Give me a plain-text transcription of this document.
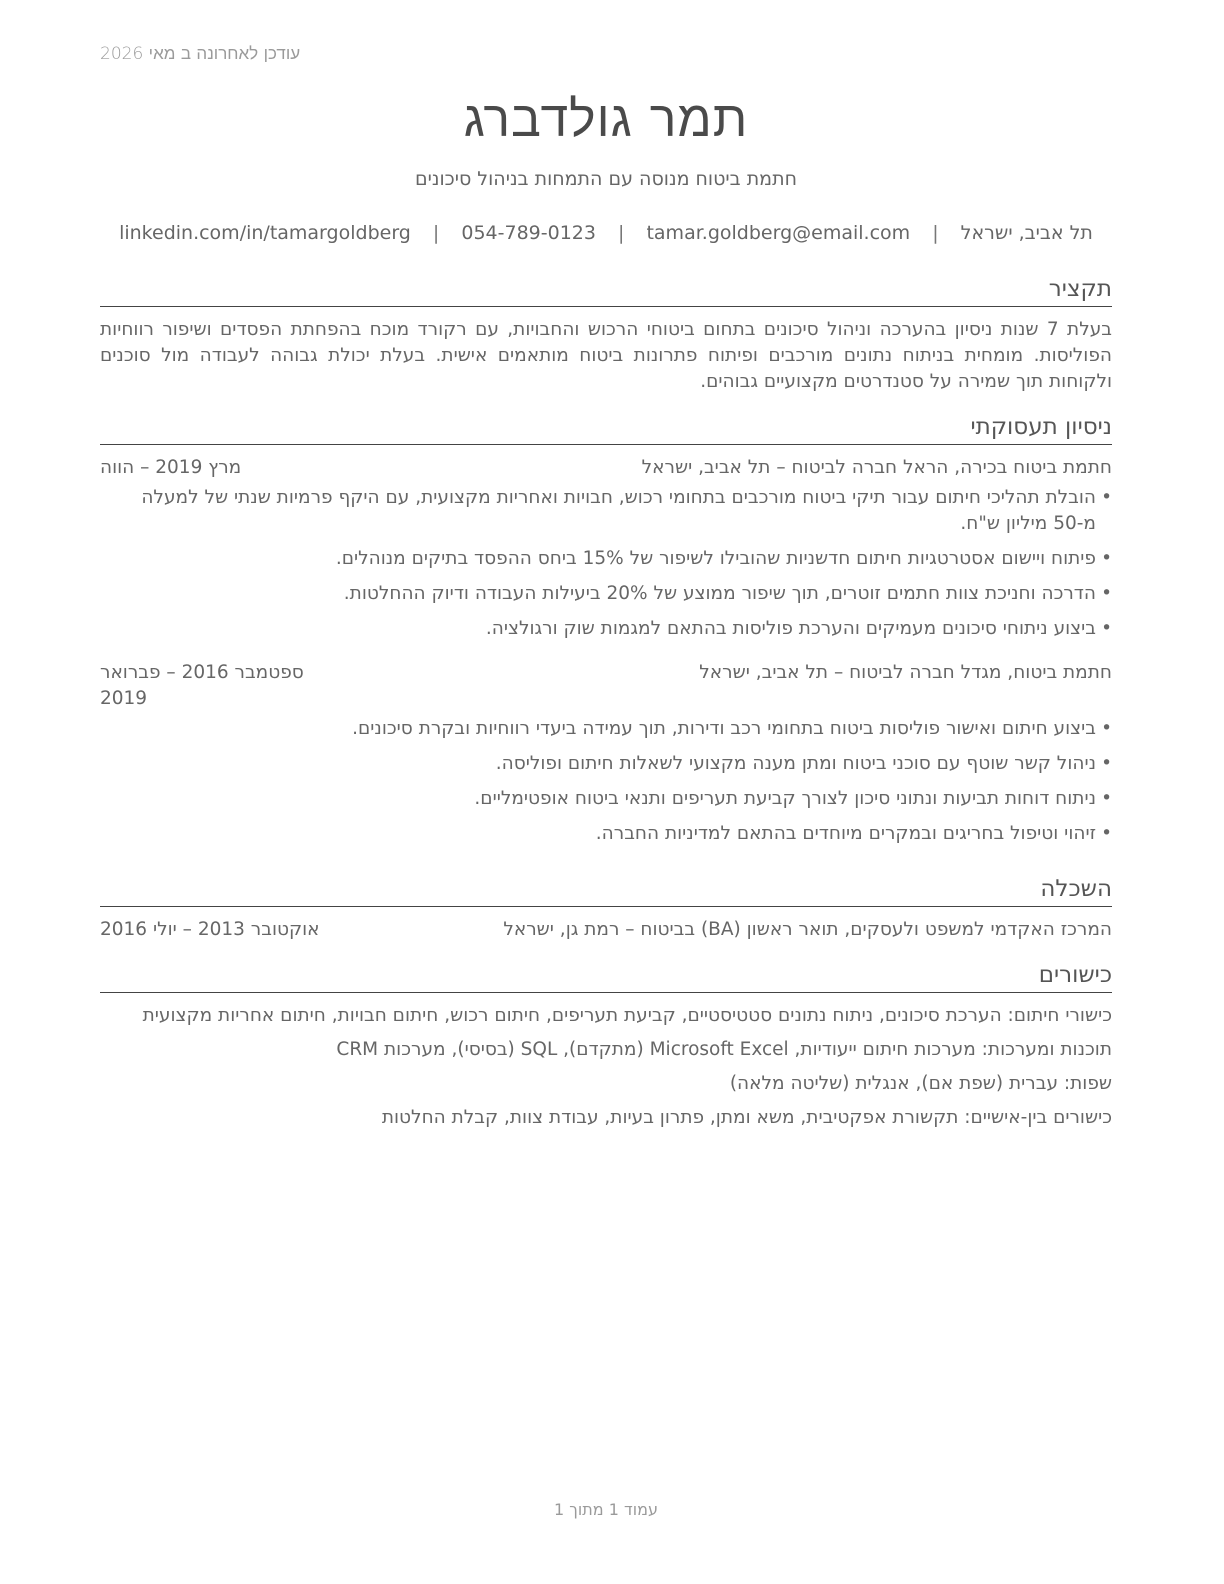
עודכן לאחרונה ב מאי 2026
תמר גולדברג
חתמת ביטוח מנוסה עם התמחות בניהול סיכונים
תל אביב, ישראל | tamar.goldberg@email.com | 054-789-0123 | linkedin.com/in/tamargoldberg
תקציר

בעלת 7 שנות ניסיון בהערכה וניהול סיכונים בתחום ביטוחי הרכוש והחבויות, עם רקורד מוכח בהפחתת הפסדים ושיפור רווחיות הפוליסות. מומחית בניתוח נתונים מורכבים ופיתוח פתרונות ביטוח מותאמים אישית. בעלת יכולת גבוהה לעבודה מול סוכנים ולקוחות תוך שמירה על סטנדרטים מקצועיים גבוהים.

ניסיון תעסוקתי
חתמת ביטוח בכירה, הראל חברה לביטוח – תל אביב, ישראל
מרץ 2019 – הווה
•
הובלת תהליכי חיתום עבור תיקי ביטוח מורכבים בתחומי רכוש, חבויות ואחריות מקצועית, עם היקף פרמיות שנתי של למעלה מ-50 מיליון ש"ח.
•
פיתוח ויישום אסטרטגיות חיתום חדשניות שהובילו לשיפור של 15% ביחס ההפסד בתיקים מנוהלים.
•
הדרכה וחניכת צוות חתמים זוטרים, תוך שיפור ממוצע של 20% ביעילות העבודה ודיוק ההחלטות.
•
ביצוע ניתוחי סיכונים מעמיקים והערכת פוליסות בהתאם למגמות שוק ורגולציה.
חתמת ביטוח, מגדל חברה לביטוח – תל אביב, ישראל
ספטמבר 2016 – פברואר 2019
•
ביצוע חיתום ואישור פוליסות ביטוח בתחומי רכב ודירות, תוך עמידה ביעדי רווחיות ובקרת סיכונים.
•
ניהול קשר שוטף עם סוכני ביטוח ומתן מענה מקצועי לשאלות חיתום ופוליסה.
•
ניתוח דוחות תביעות ונתוני סיכון לצורך קביעת תעריפים ותנאי ביטוח אופטימליים.
•
זיהוי וטיפול בחריגים ובמקרים מיוחדים בהתאם למדיניות החברה.
השכלה
המרכז האקדמי למשפט ולעסקים, תואר ראשון (BA) בביטוח – רמת גן, ישראל
אוקטובר 2013 – יולי 2016
כישורים
כישורי חיתום: הערכת סיכונים, ניתוח נתונים סטטיסטיים, קביעת תעריפים, חיתום רכוש, חיתום חבויות, חיתום אחריות מקצועית
תוכנות ומערכות: מערכות חיתום ייעודיות, Microsoft Excel (מתקדם), SQL (בסיסי), מערכות CRM
שפות: עברית (שפת אם), אנגלית (שליטה מלאה)
כישורים בין-אישיים: תקשורת אפקטיבית, משא ומתן, פתרון בעיות, עבודת צוות, קבלת החלטות
עמוד 1 מתוך 1
